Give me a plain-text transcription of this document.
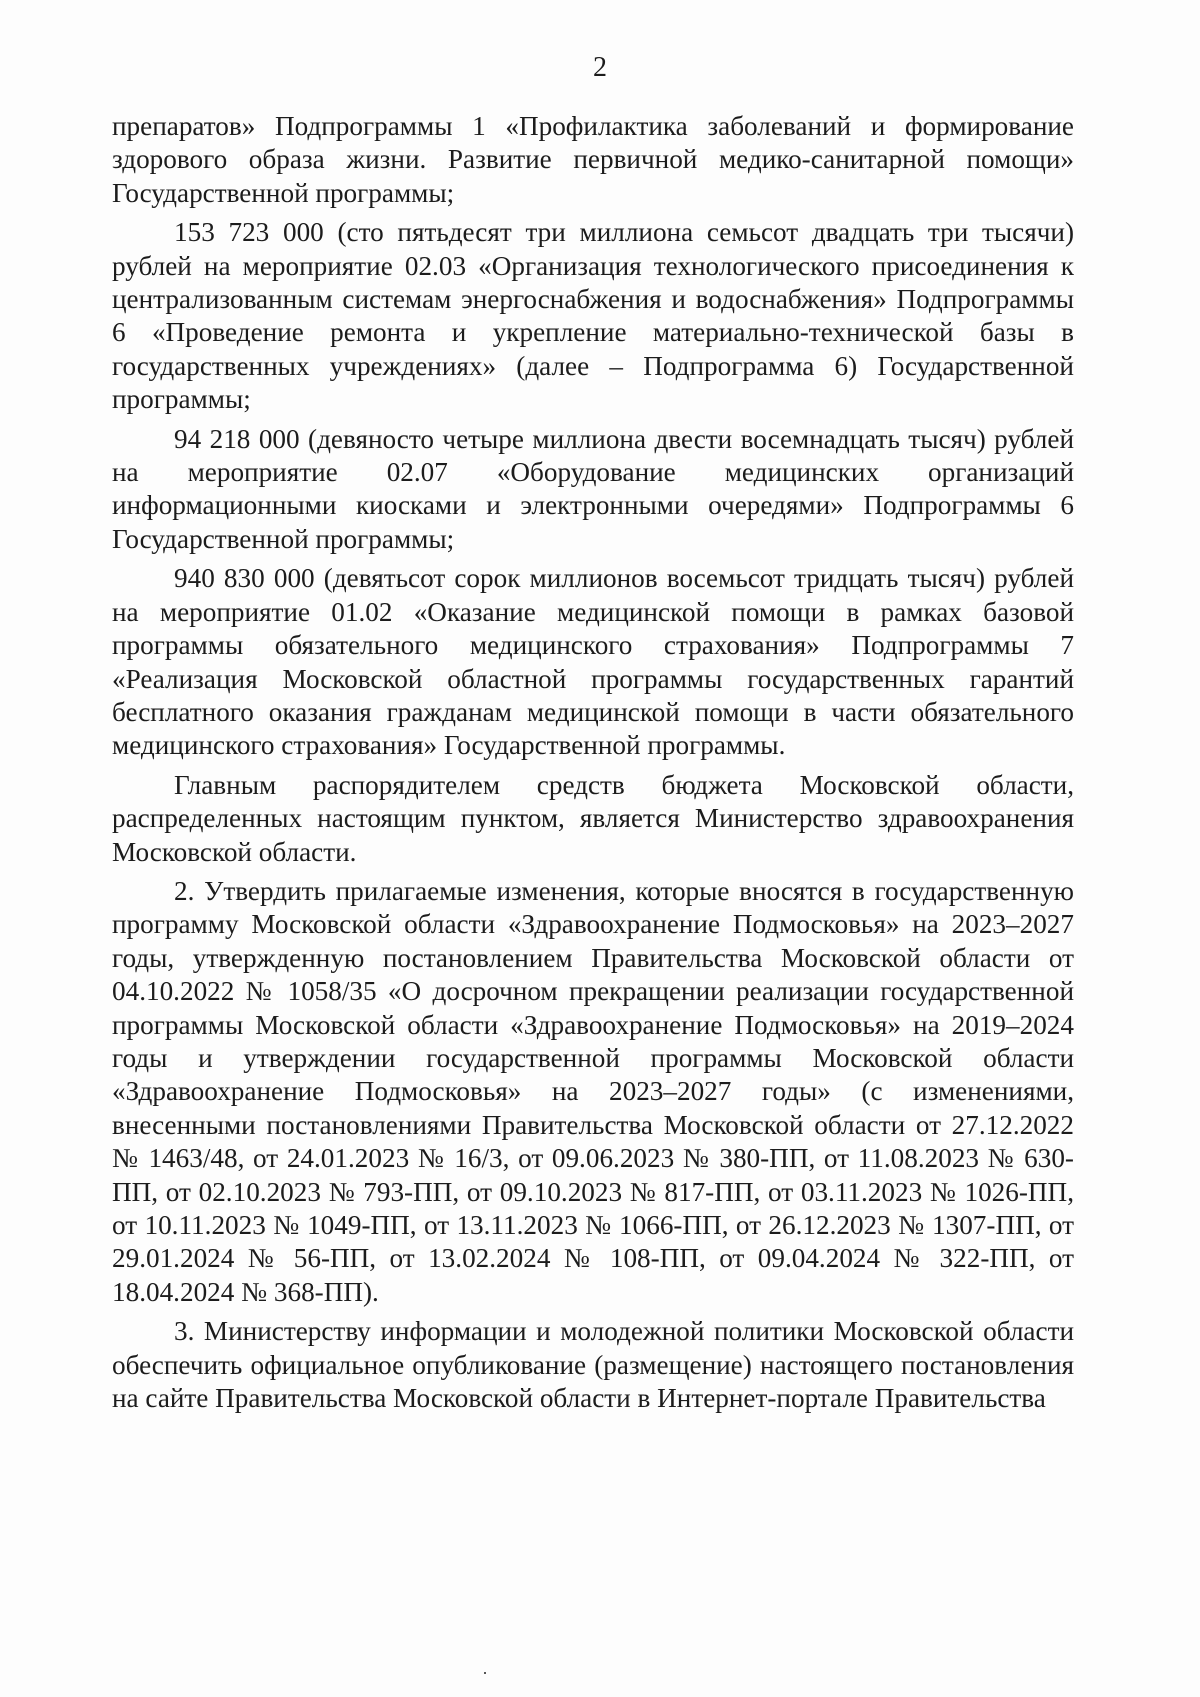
2

препаратов» Подпрограммы 1 «Профилактика заболеваний и формирование здорового образа жизни. Развитие первичной медико-санитарной помощи» Государственной программы;

153 723 000 (сто пятьдесят три миллиона семьсот двадцать три тысячи) рублей на мероприятие 02.03 «Организация технологического присоединения к централизованным системам энергоснабжения и водоснабжения» Подпрограммы 6 «Проведение ремонта и укрепление материально-технической базы в государственных учреждениях» (далее – Подпрограмма 6) Государственной программы;

94 218 000 (девяносто четыре миллиона двести восемнадцать тысяч) рублей на мероприятие 02.07 «Оборудование медицинских организаций информационными киосками и электронными очередями» Подпрограммы 6 Государственной программы;

940 830 000 (девятьсот сорок миллионов восемьсот тридцать тысяч) рублей на мероприятие 01.02 «Оказание медицинской помощи в рамках базовой программы обязательного медицинского страхования» Подпрограммы 7 «Реализация Московской областной программы государственных гарантий бесплатного оказания гражданам медицинской помощи в части обязательного медицинского страхования» Государственной программы.

Главным распорядителем средств бюджета Московской области, распределенных настоящим пунктом, является Министерство здравоохранения Московской области.

2. Утвердить прилагаемые изменения, которые вносятся в государственную программу Московской области «Здравоохранение Подмосковья» на 2023–2027 годы, утвержденную постановлением Правительства Московской области от 04.10.2022 № 1058/35 «О досрочном прекращении реализации государственной программы Московской области «Здравоохранение Подмосковья» на 2019–2024 годы и утверждении государственной программы Московской области «Здравоохранение Подмосковья» на 2023–2027 годы» (с изменениями, внесенными постановлениями Правительства Московской области от 27.12.2022 № 1463/48, от 24.01.2023 № 16/3, от 09.06.2023 № 380-ПП, от 11.08.2023 № 630-ПП, от 02.10.2023 № 793-ПП, от 09.10.2023 № 817-ПП, от 03.11.2023 № 1026-ПП, от 10.11.2023 № 1049-ПП, от 13.11.2023 № 1066-ПП, от 26.12.2023 № 1307-ПП, от 29.01.2024 № 56-ПП, от 13.02.2024 № 108-ПП, от 09.04.2024 № 322-ПП, от 18.04.2024 № 368-ПП).

3. Министерству информации и молодежной политики Московской области обеспечить официальное опубликование (размещение) настоящего постановления на сайте Правительства Московской области в Интернет-портале Правительства
